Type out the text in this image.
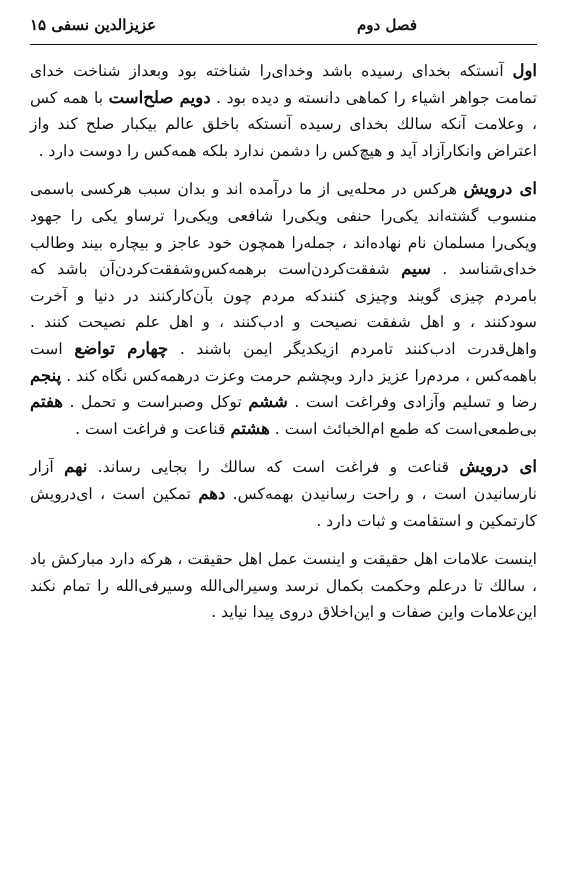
عزیزالدین نسفی ۱۵	فصل دوم

اول آنستکه بخدای رسیده باشد وخدای‌را شناخته بود وبعداز شناخت خدای تمامت جواهر اشیاء را کماهی دانسته و دیده بود . دویم صلح‌است با همه کس ، وعلامت آنکه سالك بخدای رسیده آنستکه باخلق عالم بیکبار صلح کند واز اعتراض وانکارآزاد آید و هیچ‌کس را دشمن ندارد بلکه همه‌کس را دوست دارد .

ای درویش هرکس در محله‌یی از ما درآمده اند و بدان سبب هرکسی باسمی منسوب گشته‌اند یکی‌را حنفی ویکی‌را شافعی ویکی‌را ترساو یکی را جهود ویکی‌را مسلمان نام نهاده‌اند ، جمله‌را همچون خود عاجز و بیچاره بیند وطالب خدای‌شناسد . سیم شفقت‌کردن‌است برهمه‌کس‌وشفقت‌کردن‌آن باشد که بامردم چیزی گویند وچیزی کنندکه مردم چون بآن‌کارکنند در دنیا و آخرت سودکنند ، و اهل شفقت نصیحت و ادب‌کنند ، و اهل علم نصیحت کنند . واهل‌قدرت ادب‌کنند تامردم ازیکدیگر ایمن باشند . چهارم تواضع است باهمه‌کس ، مردم‌را عزیز دارد وبچشم حرمت وعزت درهمه‌کس نگاه کند . پنجم رضا و تسلیم وآزادی وفراغت است . ششم توکل وصبراست و تحمل . هفتم بی‌طمعی‌است که طمع ام‌الخبائث است . هشتم قناعت و فراغت است .

ای درویش قناعت و فراغت است که سالك را بجایی رساند. نهم آزار نارسانیدن است ، و راحت رسانیدن بهمه‌کس. دهم تمکین است ، ای‌درویش کارتمکین و استقامت و ثبات دارد .

اینست علامات اهل حقیقت و اینست عمل اهل حقیقت ، هرکه دارد مبارکش باد ، سالك تا درعلم وحکمت بکمال نرسد وسیرالی‌الله وسیرفی‌الله را تمام نکند این‌علامات واین صفات و این‌اخلاق دروی پیدا نیاید .
